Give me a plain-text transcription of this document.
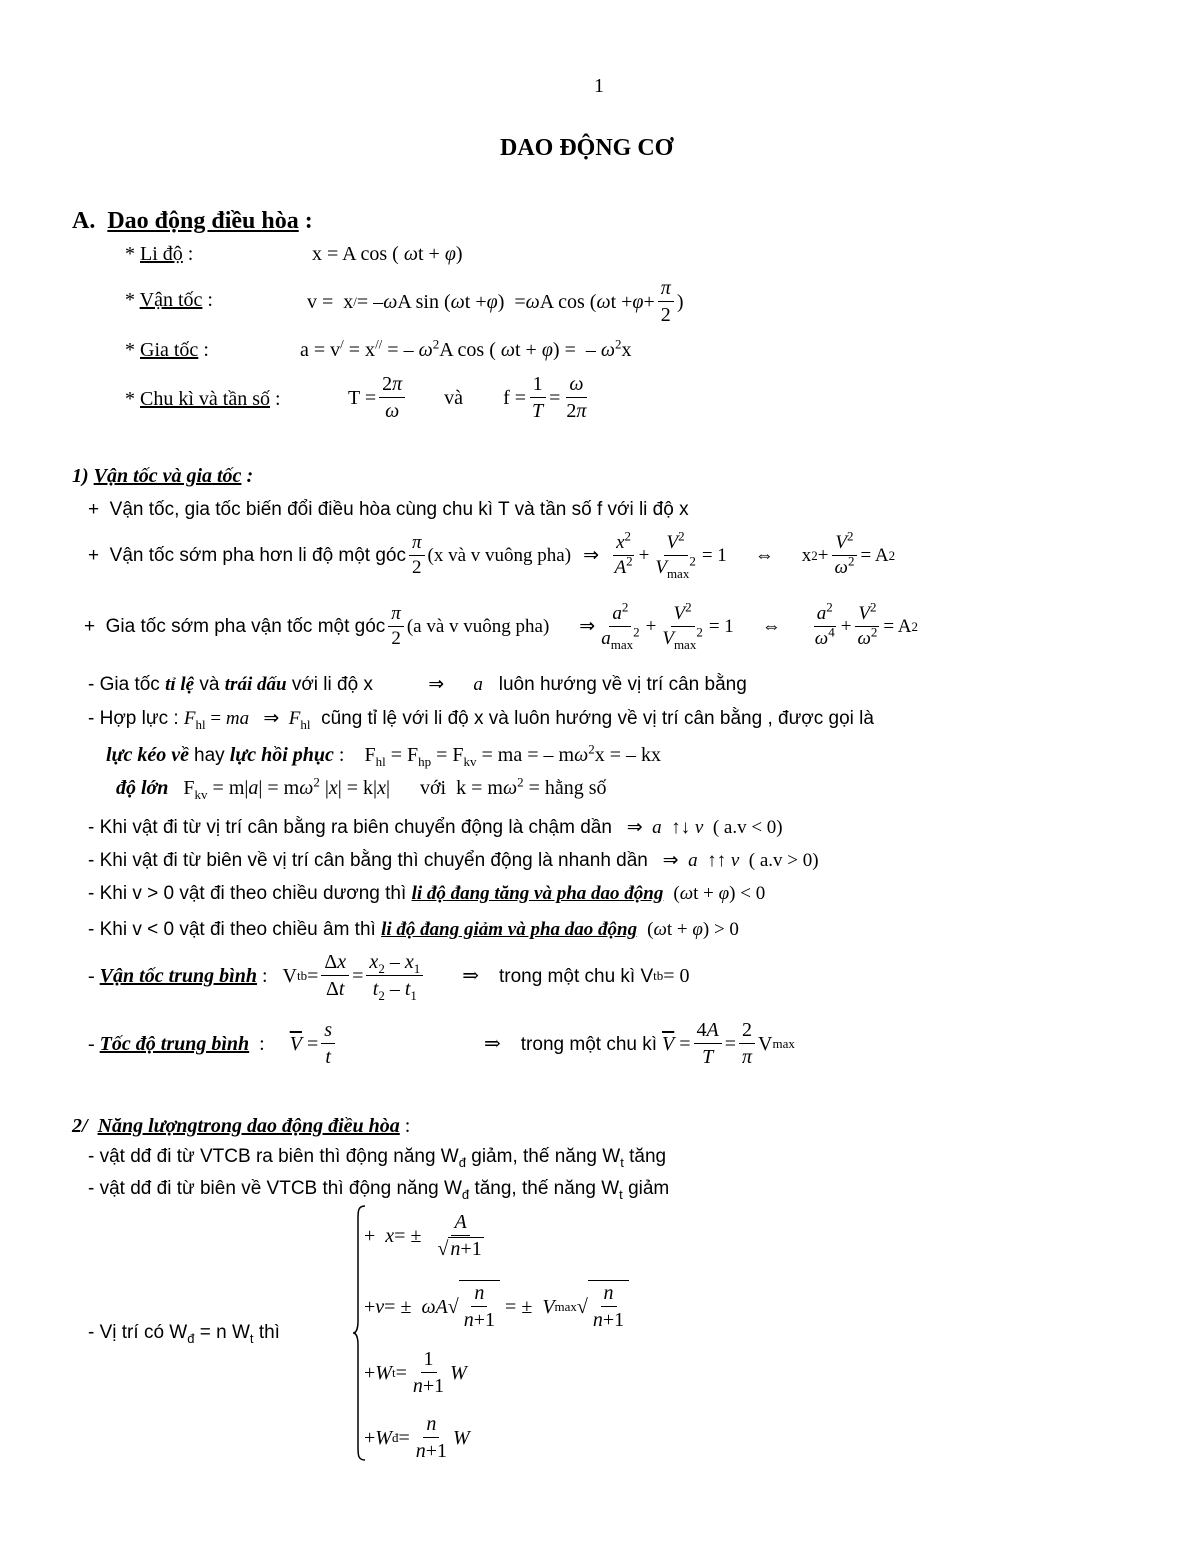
1
DAO ĐỘNG CƠ
A. Dao động điều hòa :
* Li độ :	x = A cos ( ωt + φ)
* Vận tốc :	v =  x / = – ω A sin ( ω t + φ )  = ω A cos ( ω $t + \varphi + \frac{\pi}{2}$ )
* Gia tốc :	a = v/ = x// = – $\omega^2A$ cos ( ωt + φ) =  – $\omega^2x$
* Chu kì và tần số :	$T = \frac{2\pi}{\omega}$ và $f = \frac{1}{T} = \frac{\omega}{2\pi}$
1) Vận tốc và gia tốc :
+  Vận tốc, gia tốc biến đổi điều hòa cùng chu kì T và tần số f với li độ x
+ Vận tốc sớm pha hơn li độ một góc $\frac{\pi}{2} (x$ và v vuông pha) ⇒ $\frac{x^2}{A^2} + \frac{V^2}{V_{max}^2} = 1$ ⇔ x $2 + \frac{V^2}{\omega^2} = A$ 2
+ Gia tốc sớm pha vận tốc một góc $\frac{\pi}{2} (a$ và v vuông pha) ⇒ $\frac{a^2}{a_{max}^2} + \frac{V^2}{V_{max}^2} = 1$ ⇔ $\frac{a^2}{\omega^4} + \frac{V^2}{\omega^2} = A$ 2
- Gia tốc tỉ lệ và trái dấu với li độ x	⇒ a luôn hướng về vị trí cân bằng
- Hợp lực : $F_{hl}$ = ma   ⇒  $F_{hl}$ cũng tỉ lệ với li độ x và luôn hướng về vị trí cân bằng , được gọi là
lực kéo về hay lực hồi phục :    $F_{hl} = F_{hp} = F_{kv}$ = ma = – $m\omega^2x$ = – kx
độ lớn   $F_{kv} = m|a| = m\omega^2$ |x| = k|x|      với  $k = m\omega^2$ = hằng số
- Khi vật đi từ vị trí cân bằng ra biên chuyển động là chậm dần   ⇒  a  ↑↓ v  ( a.v < 0)
- Khi vật đi từ biên về vị trí cân bằng thì chuyển động là nhanh dần   ⇒  a  ↑↑ v  ( a.v > 0)
- Khi v > 0 vật đi theo chiều dương thì li độ đang tăng và pha dao động  (ωt + φ) < 0
- Khi v < 0 vật đi theo chiều âm thì li độ đang giảm và pha dao động  (ωt + φ) > 0
- Vận tốc trung bình :   V tb = $\frac{\Delta x}{\Delta t} = \frac{x_2 - x_1}{t_2 - t_1}$ ⇒ trong một chu kì V tb = 0
- Tốc độ trung bình : $\overline{V} = \frac{s}{t}$	⇒ trong một chu kì
$\overline{V} = \frac{4A}{T} = \frac{2}{\pi}$ V max
2/ Năng lượngtrong dao động điều hòa :
- vật dđ đi từ VTCB ra biên thì động năng $W_đ$ giảm, thế năng $W_t$ tăng
- vật dđ đi từ biên về VTCB thì động năng $W_đ$ tăng, thế năng $W_t$ giảm
- Vị trí có $W_đ = n$ $W_t$ thì
+ x = ± $\frac{A}{√ n+1}$
+ v = ± ωA √ $\frac{n}{n+1}$ = ± V max √ $\frac{n}{n+1}$
+ W $t = \frac{1}{n+1}$ W
+ W đ = $\frac{n}{n+1}$ W
